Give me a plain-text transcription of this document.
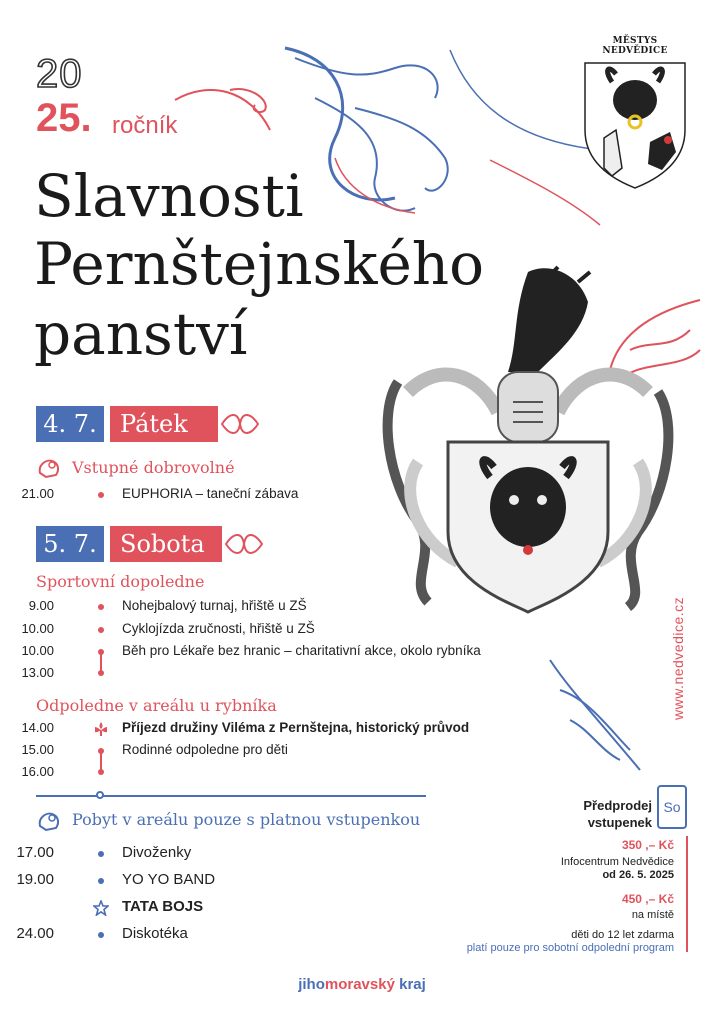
20
25. ročník
Slavnosti
Pernštejnského
panství
MĚSTYS NEDVĚDICE
4. 7. Pátek
Vstupné dobrovolné
21.00	EUPHORIA – taneční zábava
5. 7. Sobota
Sportovní dopoledne
9.00	Nohejbalový turnaj, hřiště u ZŠ
10.00	Cyklojízda zručnosti, hřiště u ZŠ
10.00	Běh pro Lékaře bez hranic – charitativní akce, okolo rybníka
13.00
Odpoledne v areálu u rybníka
14.00	Příjezd družiny Viléma z Pernštejna, historický průvod
15.00	Rodinné odpoledne pro děti
16.00
Pobyt v areálu pouze s platnou vstupenkou
17.00	Divoženky
19.00	YO YO BAND
TATA BOJS
24.00	Diskotéka
www.nedvedice.cz
Předprodej
vstupenek
So
350 ,– Kč
Infocentrum Nedvědice
od 26. 5. 2025
450 ,– Kč
na místě
děti do 12 let zdarma
platí pouze pro sobotní odpolední program
jihomoravský kraj
